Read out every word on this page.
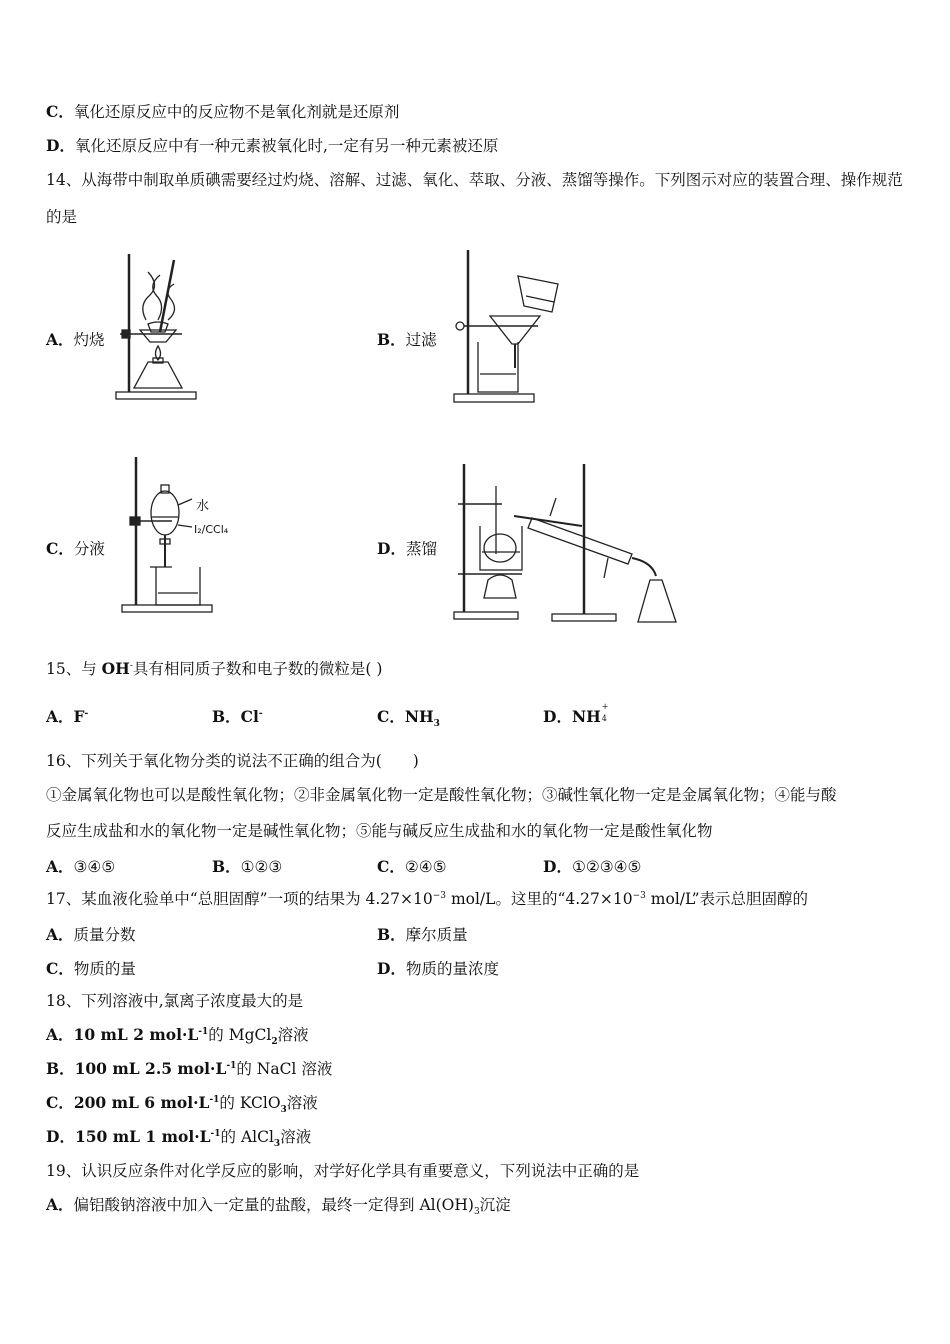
C．氧化还原反应中的反应物不是氧化剂就是还原剂
D．氧化还原反应中有一种元素被氧化时,一定有另一种元素被还原
14、从海带中制取单质碘需要经过灼烧、溶解、过滤、氧化、萃取、分液、蒸馏等操作。下列图示对应的装置合理、操作规范
的是
A．灼烧	B．过滤
C．分液	D．蒸馏
水
I₂/CCl₄
15、与 OH-具有相同质子数和电子数的微粒是( )
A．F-	B．Cl-	C．$NH_3$	D．NH
+
4
16、下列关于氧化物分类的说法不正确的组合为(　　)
①金属氧化物也可以是酸性氧化物；②非金属氧化物一定是酸性氧化物；③碱性氧化物一定是金属氧化物；④能与酸
反应生成盐和水的氧化物一定是碱性氧化物；⑤能与碱反应生成盐和水的氧化物一定是酸性氧化物
A．③④⑤	B．①②③	C．②④⑤	D．①②③④⑤
17、某血液化验单中“总胆固醇”一项的结果为 $4.27\times 10^{-3}$ mol/L。这里的“$4.27\times 10^{-3}$ mol/L”表示总胆固醇的
A．质量分数	B．摩尔质量
C．物质的量	D．物质的量浓度
18、下列溶液中,氯离子浓度最大的是
A．10 mL 2 $mol\cdot L^{-1}$的 MgCl$_2$溶液
B．100 mL 2.5 $mol\cdot L^{-1}$的 NaCl 溶液
C．200 mL 6 $mol\cdot L^{-1}$的 KClO$_3$溶液
D．150 mL 1 $mol\cdot L^{-1}$的 AlCl$_3$溶液
19、认识反应条件对化学反应的影响，对学好化学具有重要意义，下列说法中正确的是
A．偏铝酸钠溶液中加入一定量的盐酸，最终一定得到 $Al(OH)_3$沉淀
